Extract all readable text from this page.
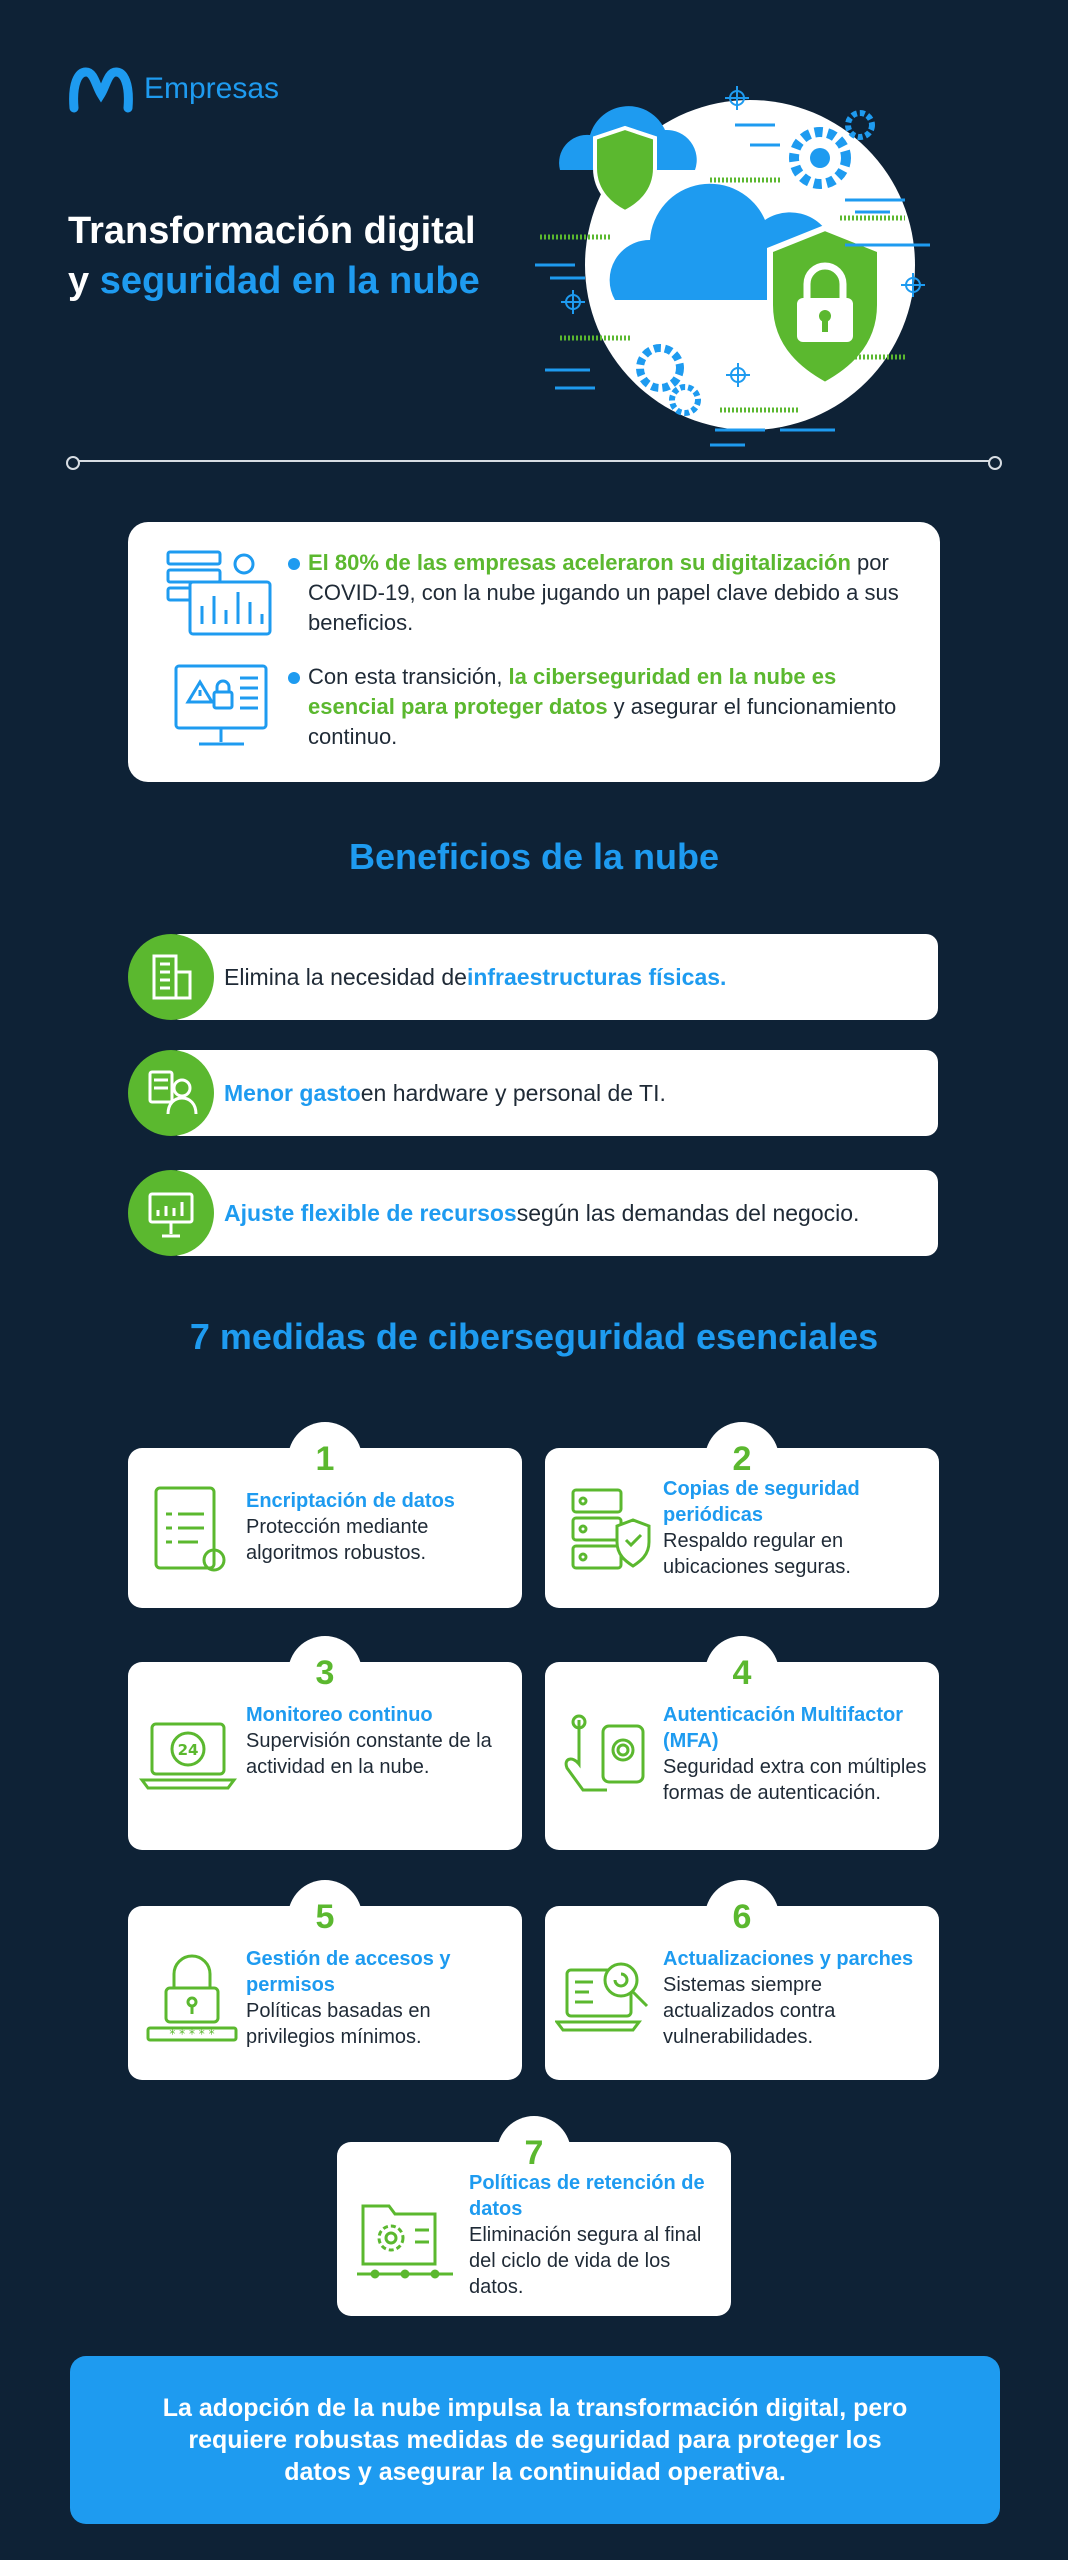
Empresas
Transformación digital
y seguridad en la nube
El 80% de las empresas aceleraron su digitalización por COVID-19, con la nube jugando un papel clave debido a sus beneficios.
Con esta transición, la ciberseguridad en la nube es esencial para proteger datos y asegurar el funcionamiento continuo.
Beneficios de la nube
Elimina la necesidad de infraestructuras físicas.
Menor gasto en hardware y personal de TI.
Ajuste flexible de recursos según las demandas del negocio.
7 medidas de ciberseguridad esenciales
1
Encriptación de datos
Protección mediante algoritmos robustos.
2
Copias de seguridad periódicas
Respaldo regular en ubicaciones seguras.
3
24
Monitoreo continuo
Supervisión constante de la actividad en la nube.
4
Autenticación Multifactor (MFA)
Seguridad extra con múltiples formas de autenticación.
5
* * * * *
Gestión de accesos y permisos
Políticas basadas en privilegios mínimos.
6
Actualizaciones y parches
Sistemas siempre actualizados contra vulnerabilidades.
7
Políticas de retención de datos
Eliminación segura al final del ciclo de vida de los datos.
La adopción de la nube impulsa la transformación digital, pero requiere robustas medidas de seguridad para proteger los datos y asegurar la continuidad operativa.
